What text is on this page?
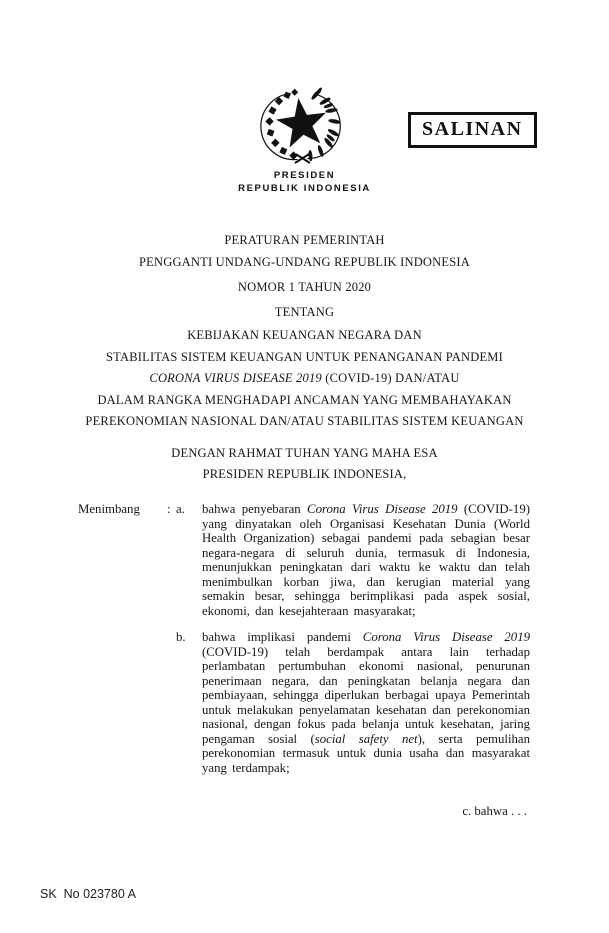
SALINAN
PRESIDEN
REPUBLIK INDONESIA
PERATURAN PEMERINTAH
PENGGANTI UNDANG-UNDANG REPUBLIK INDONESIA
NOMOR 1 TAHUN 2020
TENTANG
KEBIJAKAN KEUANGAN NEGARA DAN
STABILITAS SISTEM KEUANGAN UNTUK PENANGANAN PANDEMI
CORONA VIRUS DISEASE 2019 (COVID-19) DAN/ATAU
DALAM RANGKA MENGHADAPI ANCAMAN YANG MEMBAHAYAKAN
PEREKONOMIAN NASIONAL DAN/ATAU STABILITAS SISTEM KEUANGAN
DENGAN RAHMAT TUHAN YANG MAHA ESA
PRESIDEN REPUBLIK INDONESIA,
Menimbang	: a.	bahwa penyebaran Corona Virus Disease 2019 (COVID-19) yang dinyatakan oleh Organisasi Kesehatan Dunia (World Health Organization) sebagai pandemi pada sebagian besar negara-negara di seluruh dunia, termasuk di Indonesia, menunjukkan peningkatan dari waktu ke waktu dan telah menimbulkan korban jiwa, dan kerugian material yang semakin besar, sehingga berimplikasi pada aspek sosial, ekonomi, dan kesejahteraan masyarakat;

b.	bahwa implikasi pandemi Corona Virus Disease 2019 (COVID-19) telah berdampak antara lain terhadap perlambatan pertumbuhan ekonomi nasional, penurunan penerimaan negara, dan peningkatan belanja negara dan pembiayaan, sehingga diperlukan berbagai upaya Pemerintah untuk melakukan penyelamatan kesehatan dan perekonomian nasional, dengan fokus pada belanja untuk kesehatan, jaring pengaman sosial (social safety net), serta pemulihan perekonomian termasuk untuk dunia usaha dan masyarakat yang terdampak;

c. bahwa . . .
SK  No 023780 A
